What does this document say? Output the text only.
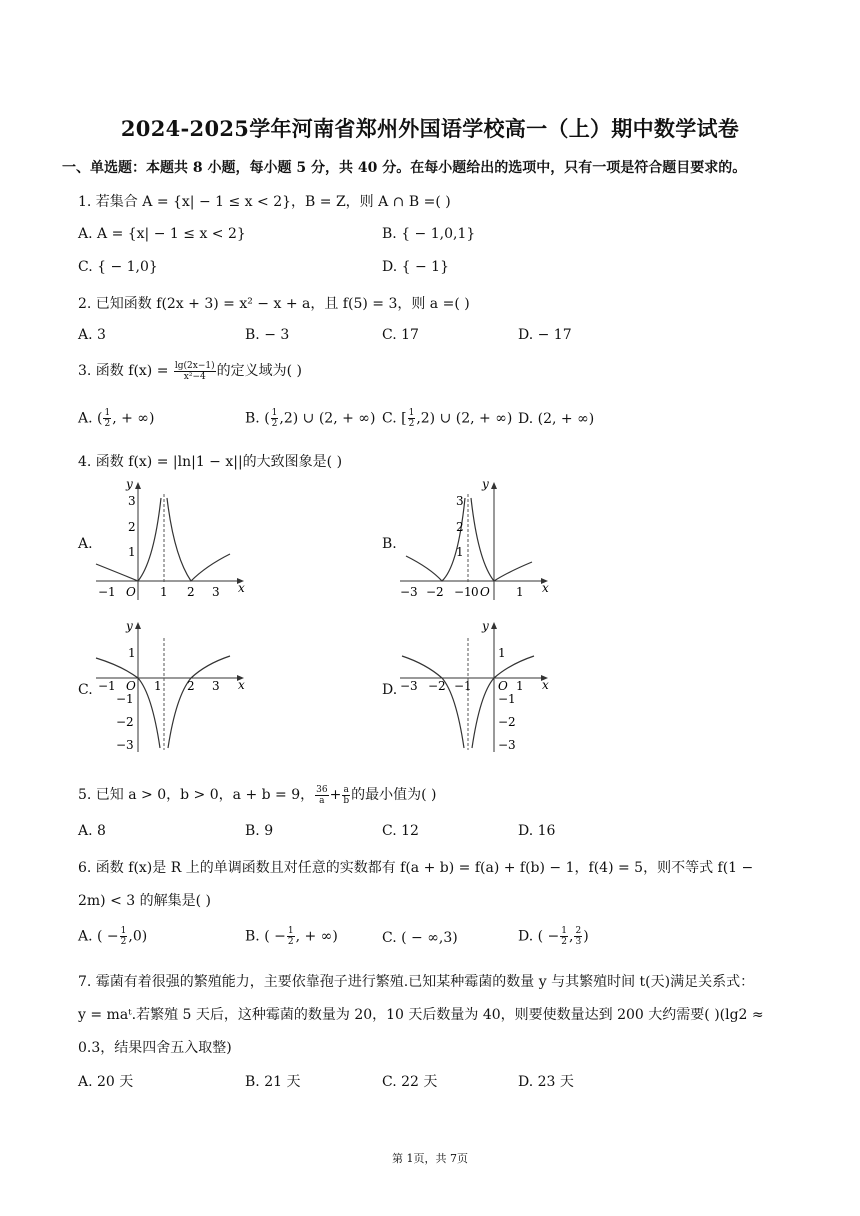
2024-2025学年河南省郑州外国语学校高一（上）期中数学试卷
一、单选题：本题共 8 小题，每小题 5 分，共 40 分。在每小题给出的选项中，只有一项是符合题目要求的。
1. 若集合 A = {x| − 1 ≤ x < 2}，B = Z，则 A ∩ B =( )
A. A = {x| − 1 ≤ x < 2}	B. { − 1,0,1}
C. { − 1,0}	D. { − 1}
2. 已知函数 f(2x + 3) = x² − x + a，且 f(5) = 3，则 a =( )
A. 3	B. − 3	C. 17	D. − 17
3. 函数 $f(x) = \frac{\lg(2x-1)}{\text{x²−4}}$ 的定义域为( )
A. ( $\frac{1}{2}$ , + ∞)	B. ( $\frac{1}{2} ,2$) ∪ (2, + ∞) C. [ $\frac{1}{2} ,2$) ∪ (2, + ∞) D. (2, + ∞)
4. 函数 f(x) = |ln|1 − x||的大致图象是( )
A.	B.
C.	D.
−1 O 1 2 3 x
3
2
1
y
−3 −2 −1 0 O 1 x
3
2
1
y
−1 O 1 2 3 x
1
−1
−2
−3
y
−3 −2 −1 O 1 x
1
−1
−2
−3
y
5. 已知 a > 0，b > 0，a + b = 9， $\frac{36}{a} + \frac{a}{b}$ 的最小值为( )
A. 8	B. 9	C. 12	D. 16
6. 函数 f(x)是 R 上的单调函数且对任意的实数都有 f(a + b) = f(a) + f(b) − 1，f(4) = 5，则不等式 f(1 −
2m) < 3 的解集是( )
A. ( − $\frac{1}{2} ,0$)	B. ( − $\frac{1}{2}$ , + ∞)	C. ( − ∞,3)	D. ( − $\frac{1}{2}$ , $\frac{2}{3}$ )
7. 霉菌有着很强的繁殖能力，主要依靠孢子进行繁殖.已知某种霉菌的数量 y 与其繁殖时间 t(天)满足关系式：
y = maᵗ.若繁殖 5 天后，这种霉菌的数量为 20，10 天后数量为 40，则要使数量达到 200 大约需要( )(lg2 ≈
0.3，结果四舍五入取整)
A. 20 天	B. 21 天	C. 22 天	D. 23 天
第 1页，共 7页
